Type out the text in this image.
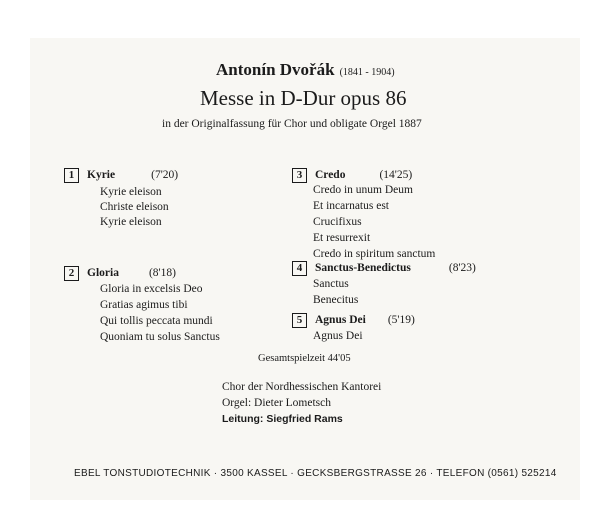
Antonín Dvořák (1841 - 1904)
Messe in D-Dur opus 86
in der Originalfassung für Chor und obligate Orgel 1887
1 Kyrie	(7'20)
Kyrie eleison
Christe eleison
Kyrie eleison
2 Gloria	(8'18)
Gloria in excelsis Deo
Gratias agimus tibi
Qui tollis peccata mundi
Quoniam tu solus Sanctus
3 Credo	(14'25)
Credo in unum Deum
Et incarnatus est
Crucifixus
Et resurrexit
Credo in spiritum sanctum
4 Sanctus-Benedictus	(8'23)
Sanctus
Benecitus
5 Agnus Dei (5'19)
Agnus Dei
Gesamtspielzeit 44'05
Chor der Nordhessischen Kantorei
Orgel: Dieter Lometsch
Leitung: Siegfried Rams
EBEL TONSTUDIOTECHNIK · 3500 KASSEL · GECKSBERGSTRASSE 26 · TELEFON (0561) 525214
